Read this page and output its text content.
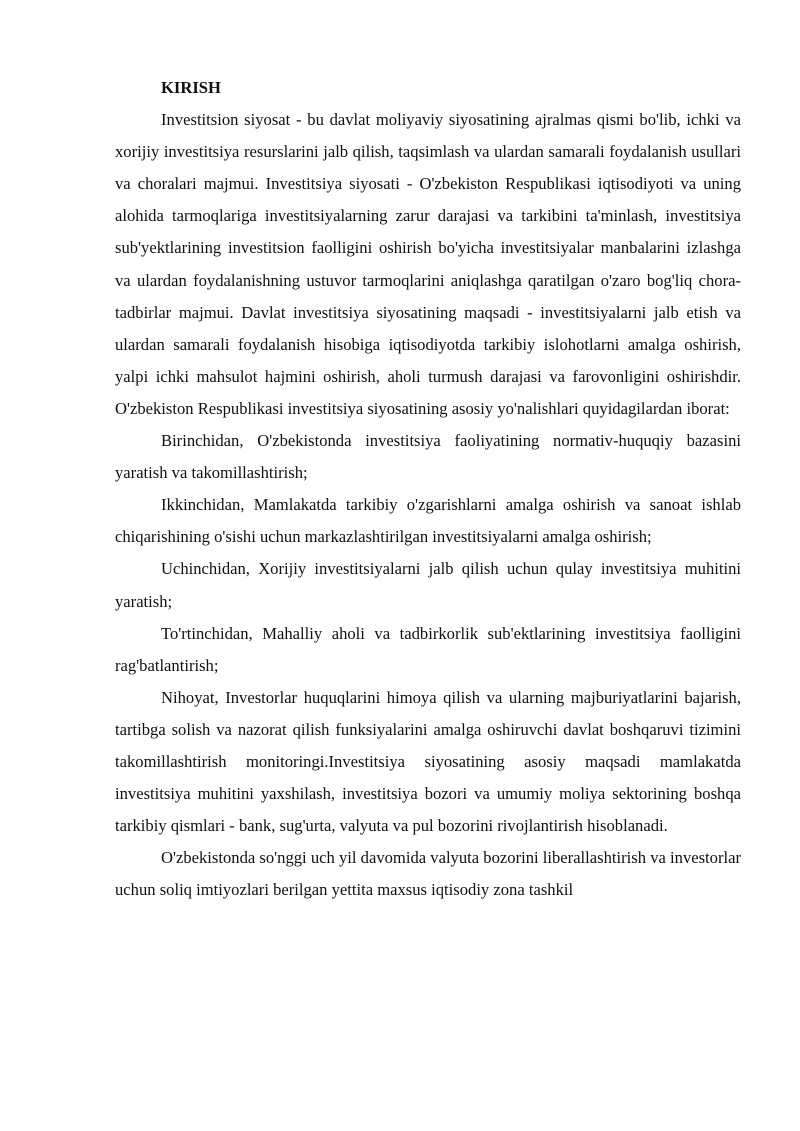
KIRISH

Investitsion siyosat - bu davlat moliyaviy siyosatining ajralmas qismi bo'lib, ichki va xorijiy investitsiya resurslarini jalb qilish, taqsimlash va ulardan samarali foydalanish usullari va choralari majmui. Investitsiya siyosati - O'zbekiston Respublikasi iqtisodiyoti va uning alohida tarmoqlariga investitsiyalarning zarur darajasi va tarkibini ta'minlash, investitsiya sub'yektlarining investitsion faolligini oshirish bo'yicha investitsiyalar manbalarini izlashga va ulardan foydalanishning ustuvor tarmoqlarini aniqlashga qaratilgan o'zaro bog'liq chora-tadbirlar majmui. Davlat investitsiya siyosatining maqsadi - investitsiyalarni jalb etish va ulardan samarali foydalanish hisobiga iqtisodiyotda tarkibiy islohotlarni amalga oshirish, yalpi ichki mahsulot hajmini oshirish, aholi turmush darajasi va farovonligini oshirishdir. O'zbekiston Respublikasi investitsiya siyosatining asosiy yo'nalishlari quyidagilardan iborat:

Birinchidan, O'zbekistonda investitsiya faoliyatining normativ-huquqiy bazasini yaratish va takomillashtirish;

Ikkinchidan, Mamlakatda tarkibiy o'zgarishlarni amalga oshirish va sanoat ishlab chiqarishining o'sishi uchun markazlashtirilgan investitsiyalarni amalga oshirish;

Uchinchidan, Xorijiy investitsiyalarni jalb qilish uchun qulay investitsiya muhitini yaratish;

To'rtinchidan, Mahalliy aholi va tadbirkorlik sub'ektlarining investitsiya faolligini rag'batlantirish;

Nihoyat, Investorlar huquqlarini himoya qilish va ularning majburiyatlarini bajarish, tartibga solish va nazorat qilish funksiyalarini amalga oshiruvchi davlat boshqaruvi tizimini takomillashtirish monitoringi.Investitsiya siyosatining asosiy maqsadi mamlakatda investitsiya muhitini yaxshilash, investitsiya bozori va umumiy moliya sektorining boshqa tarkibiy qismlari - bank, sug'urta, valyuta va pul bozorini rivojlantirish hisoblanadi.

O'zbekistonda so'nggi uch yil davomida valyuta bozorini liberallashtirish va investorlar uchun soliq imtiyozlari berilgan yettita maxsus iqtisodiy zona tashkil
